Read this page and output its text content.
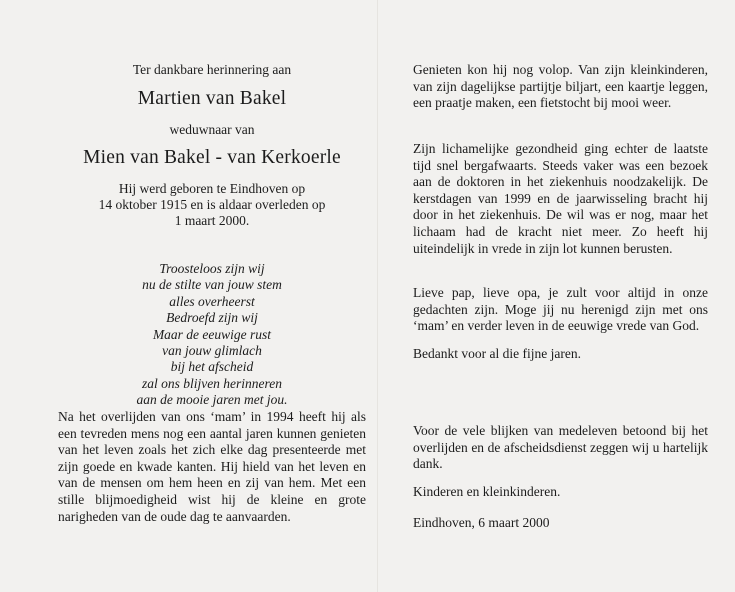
Ter dankbare herinnering aan
Martien van Bakel
weduwnaar van
Mien van Bakel - van Kerkoerle
Hij werd geboren te Eindhoven op
14 oktober 1915 en is aldaar overleden op
1 maart 2000.
Troosteloos zijn wij
nu de stilte van jouw stem
alles overheerst
Bedroefd zijn wij
Maar de eeuwige rust
van jouw glimlach
bij het afscheid
zal ons blijven herinneren
aan de mooie jaren met jou.

Na het overlijden van ons ‘mam’ in 1994 heeft hij als een tevreden mens nog een aantal jaren kunnen genieten van het leven zoals het zich elke dag presenteerde met zijn goede en kwade kanten. Hij hield van het leven en van de mensen om hem heen en zij van hem. Met een stille blijmoedigheid wist hij de kleine en grote narigheden van de oude dag te aanvaarden.

Genieten kon hij nog volop. Van zijn kleinkinderen, van zijn dagelijkse partijtje biljart, een kaartje leggen, een praatje maken, een fietstocht bij mooi weer.

Zijn lichamelijke gezondheid ging echter de laatste tijd snel bergafwaarts. Steeds vaker was een bezoek aan de doktoren in het ziekenhuis noodzakelijk. De kerstdagen van 1999 en de jaarwisseling bracht hij door in het ziekenhuis. De wil was er nog, maar het lichaam had de kracht niet meer. Zo heeft hij uiteindelijk in vrede in zijn lot kunnen berusten.

Lieve pap, lieve opa, je zult voor altijd in onze gedachten zijn. Moge jij nu herenigd zijn met ons ‘mam’ en verder leven in de eeuwige vrede van God.

Bedankt voor al die fijne jaren.

Voor de vele blijken van medeleven betoond bij het overlijden en de afscheidsdienst zeggen wij u hartelijk dank.

Kinderen en kleinkinderen.

Eindhoven, 6 maart 2000
